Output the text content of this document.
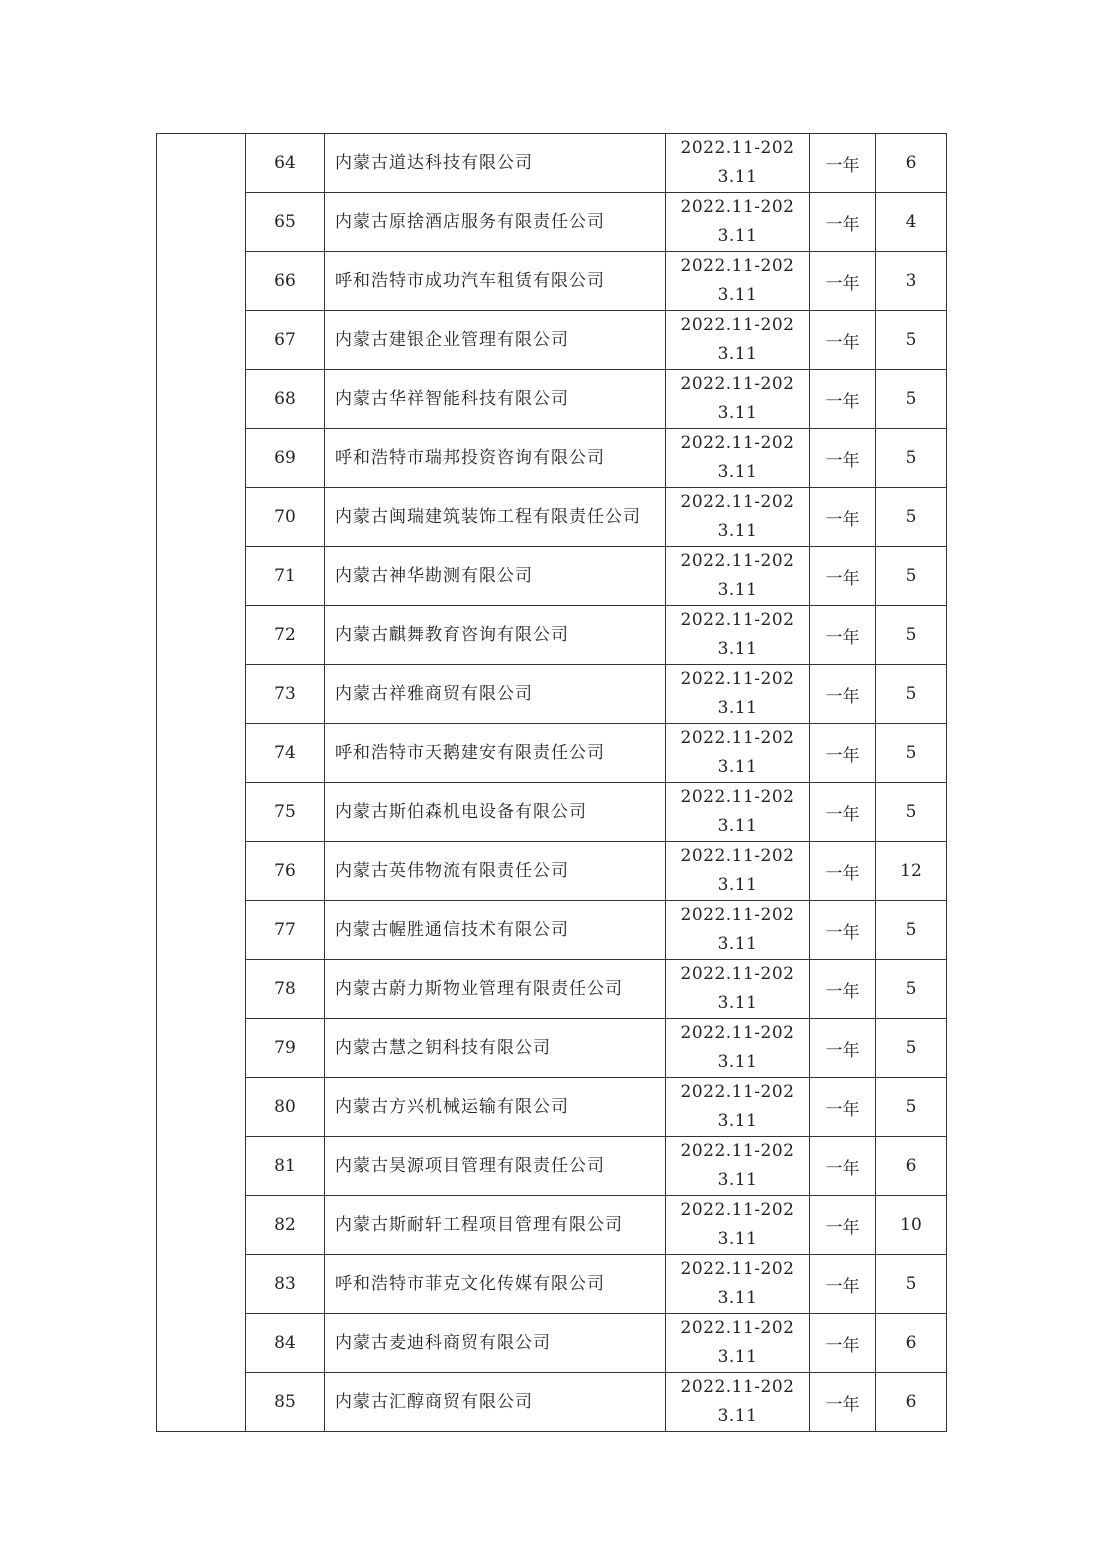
	64	内蒙古道达科技有限公司	2022.11-2023.11	一年	6
	65	内蒙古原捨酒店服务有限责任公司	2022.11-2023.11	一年	4
	66	呼和浩特市成功汽车租赁有限公司	2022.11-2023.11	一年	3
	67	内蒙古建银企业管理有限公司	2022.11-2023.11	一年	5
	68	内蒙古华祥智能科技有限公司	2022.11-2023.11	一年	5
	69	呼和浩特市瑞邦投资咨询有限公司	2022.11-2023.11	一年	5
	70	内蒙古闽瑞建筑装饰工程有限责任公司	2022.11-2023.11	一年	5
	71	内蒙古神华勘测有限公司	2022.11-2023.11	一年	5
	72	内蒙古麒舞教育咨询有限公司	2022.11-2023.11	一年	5
	73	内蒙古祥雅商贸有限公司	2022.11-2023.11	一年	5
	74	呼和浩特市天鹅建安有限责任公司	2022.11-2023.11	一年	5
	75	内蒙古斯伯森机电设备有限公司	2022.11-2023.11	一年	5
	76	内蒙古英伟物流有限责任公司	2022.11-2023.11	一年	12
	77	内蒙古幄胜通信技术有限公司	2022.11-2023.11	一年	5
	78	内蒙古蔚力斯物业管理有限责任公司	2022.11-2023.11	一年	5
	79	内蒙古慧之钥科技有限公司	2022.11-2023.11	一年	5
	80	内蒙古方兴机械运输有限公司	2022.11-2023.11	一年	5
	81	内蒙古昊源项目管理有限责任公司	2022.11-2023.11	一年	6
	82	内蒙古斯耐轩工程项目管理有限公司	2022.11-2023.11	一年	10
	83	呼和浩特市菲克文化传媒有限公司	2022.11-2023.11	一年	5
	84	内蒙古麦迪科商贸有限公司	2022.11-2023.11	一年	6
	85	内蒙古汇醇商贸有限公司	2022.11-2023.11	一年	6
